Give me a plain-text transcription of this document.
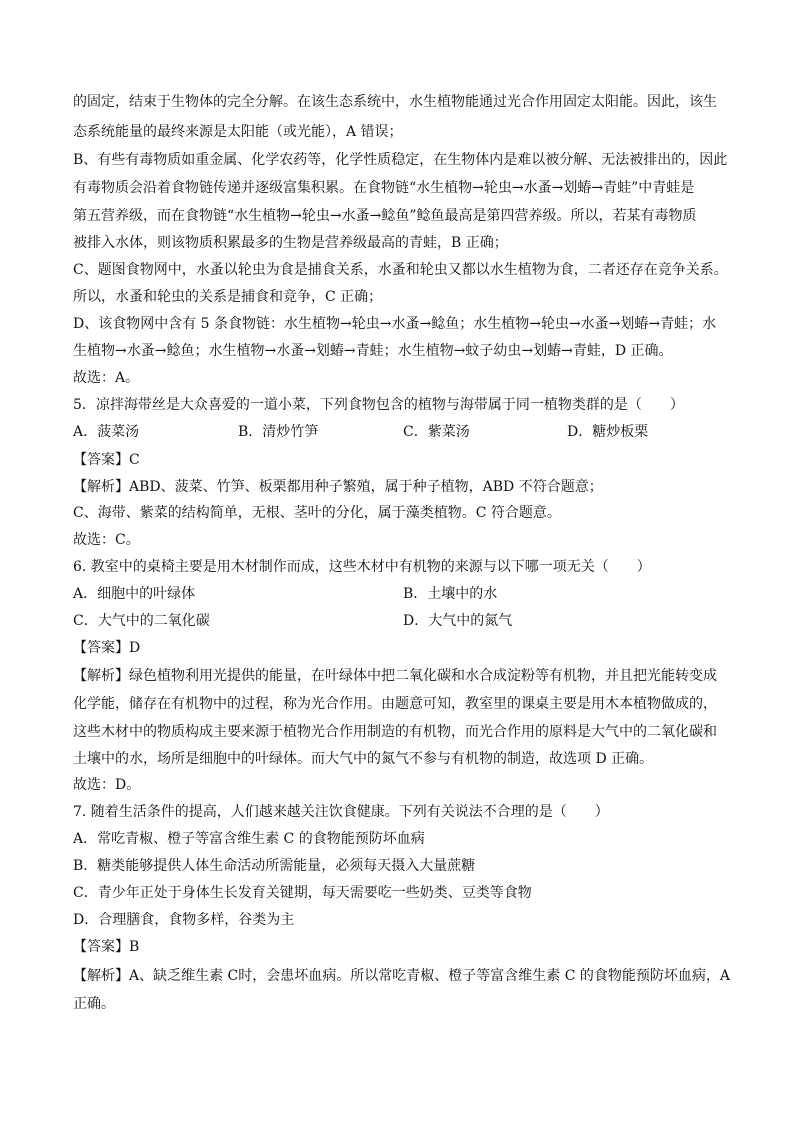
的固定，结束于生物体的完全分解。在该生态系统中，水生植物能通过光合作用固定太阳能。因此，该生
态系统能量的最终来源是太阳能（或光能），A 错误；
B、有些有毒物质如重金属、化学农药等，化学性质稳定，在生物体内是难以被分解、无法被排出的，因此
有毒物质会沿着食物链传递并逐级富集积累。在食物链“水生植物→轮虫→水蚤→划蝽→青蛙”中青蛙是
第五营养级，而在食物链“水生植物→轮虫→水蚤→鲶鱼”鲶鱼最高是第四营养级。所以，若某有毒物质
被排入水体，则该物质积累最多的生物是营养级最高的青蛙，B 正确；
C、题图食物网中，水蚤以轮虫为食是捕食关系，水蚤和轮虫又都以水生植物为食，二者还存在竞争关系。
所以，水蚤和轮虫的关系是捕食和竞争，C 正确；
D、该食物网中含有 5 条食物链：水生植物→轮虫→水蚤→鲶鱼；水生植物→轮虫→水蚤→划蝽→青蛙；水
生植物→水蚤→鲶鱼；水生植物→水蚤→划蝽→青蛙；水生植物→蚊子幼虫→划蝽→青蛙，D 正确。
故选：A。
5．凉拌海带丝是大众喜爱的一道小菜，下列食物包含的植物与海带属于同一植物类群的是（　　）
A．菠菜汤	B．清炒竹笋	C．紫菜汤	D．糖炒板栗
【答案】C
【解析】ABD、菠菜、竹笋、板栗都用种子繁殖，属于种子植物，ABD 不符合题意；
C、海带、紫菜的结构简单，无根、茎叶的分化，属于藻类植物。C 符合题意。
故选：C。
6. 教室中的桌椅主要是用木材制作而成，这些木材中有机物的来源与以下哪一项无关（　　）
A．细胞中的叶绿体	B．土壤中的水
C．大气中的二氧化碳	D．大气中的氮气
【答案】D
【解析】绿色植物利用光提供的能量，在叶绿体中把二氧化碳和水合成淀粉等有机物，并且把光能转变成
化学能，储存在有机物中的过程，称为光合作用。由题意可知，教室里的课桌主要是用木本植物做成的，
这些木材中的物质构成主要来源于植物光合作用制造的有机物，而光合作用的原料是大气中的二氧化碳和
土壤中的水，场所是细胞中的叶绿体。而大气中的氮气不参与有机物的制造，故选项 D 正确。
故选：D。
7. 随着生活条件的提高，人们越来越关注饮食健康。下列有关说法不合理的是（　　）
A．常吃青椒、橙子等富含维生素 C 的食物能预防坏血病
B．糖类能够提供人体生命活动所需能量，必须每天摄入大量蔗糖
C．青少年正处于身体生长发育关键期，每天需要吃一些奶类、豆类等食物
D．合理膳食，食物多样，谷类为主
【答案】B
【解析】A、缺乏维生素 C时，会患坏血病。所以常吃青椒、橙子等富含维生素 C 的食物能预防坏血病，A
正确。
